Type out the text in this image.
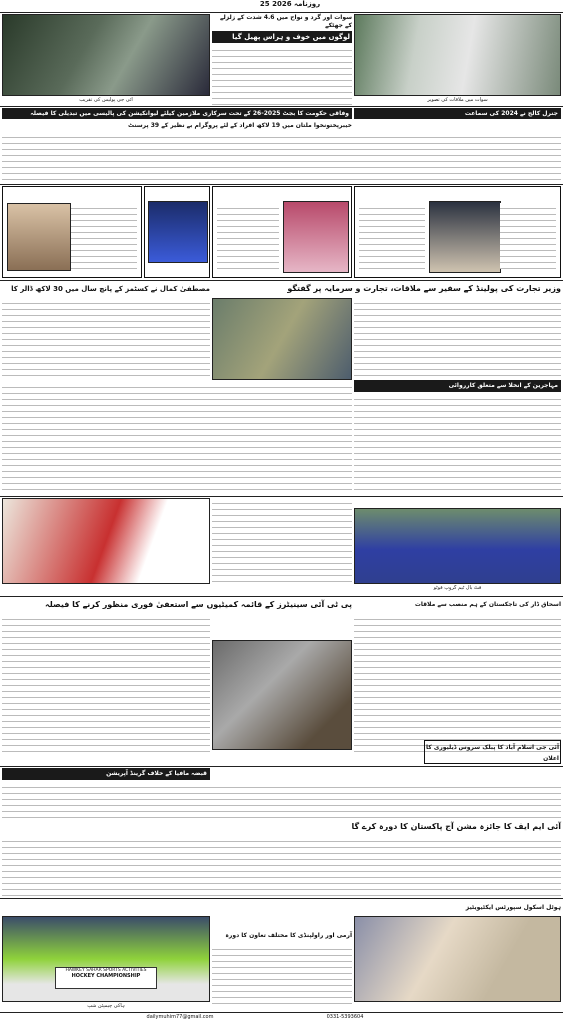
25 2026 روزنامہ
آئی جی پولیس کی تقریب
سوات اور گرد و نواح میں 4.6 شدت کے زلزلے کے جھٹکے
لوگوں میں خوف و ہراس پھیل گیا
سوات میں ملاقات کی تصویر
وفاقی حکومت کا بجٹ 2025-26 کے تحت سرکاری ملازمین کیلئے لیوانکیشن کی پالیسی میں تبدیلی کا فیصلہ
خیبرپختونخوا ملتان میں 19 لاکھ افراد کے لئے پروگرام بے نظیر کے 39 پرسنٹ
جنرل کالج نے 2024 کی سماعت
وزیر تجارت کی پولینڈ کے سفیر سے ملاقات، تجارت و سرمایہ پر گفتگو
مصطفیٰ کمال نے کسٹمز کے پانچ سال میں 30 لاکھ ڈالر کا
مہاجرین کے انخلا سے متعلق کارروائی
فٹ بال ٹیم گروپ فوٹو
پی ٹی آئی سینیٹرز کے قائمہ کمیٹیوں سے استعفیٰ فوری منظور کرنے کا فیصلہ	اسحاق ڈار کی تاجکستان کے ہم منصب سے ملاقات
آئی جی اسلام آباد کا پبلک سروس ڈیلیوری کا اعلان
قبضہ مافیا کے خلاف گرینڈ آپریشن
آئی ایم ایف کا جائزہ مشن آج پاکستان کا دورہ کرے گا
HAWKEY SAHAR SPORTS ACTIVITIES
HOCKEY CHAMPIONSHIP
ہاکی چیمپئن شپ
آرمی اور راولپنڈی کا مختلف تعاون کا دورہ
ہوٹل اسکول سپورٹس ایکٹیویٹیز
dailymuhim77@gmail.com	0331-5393604
